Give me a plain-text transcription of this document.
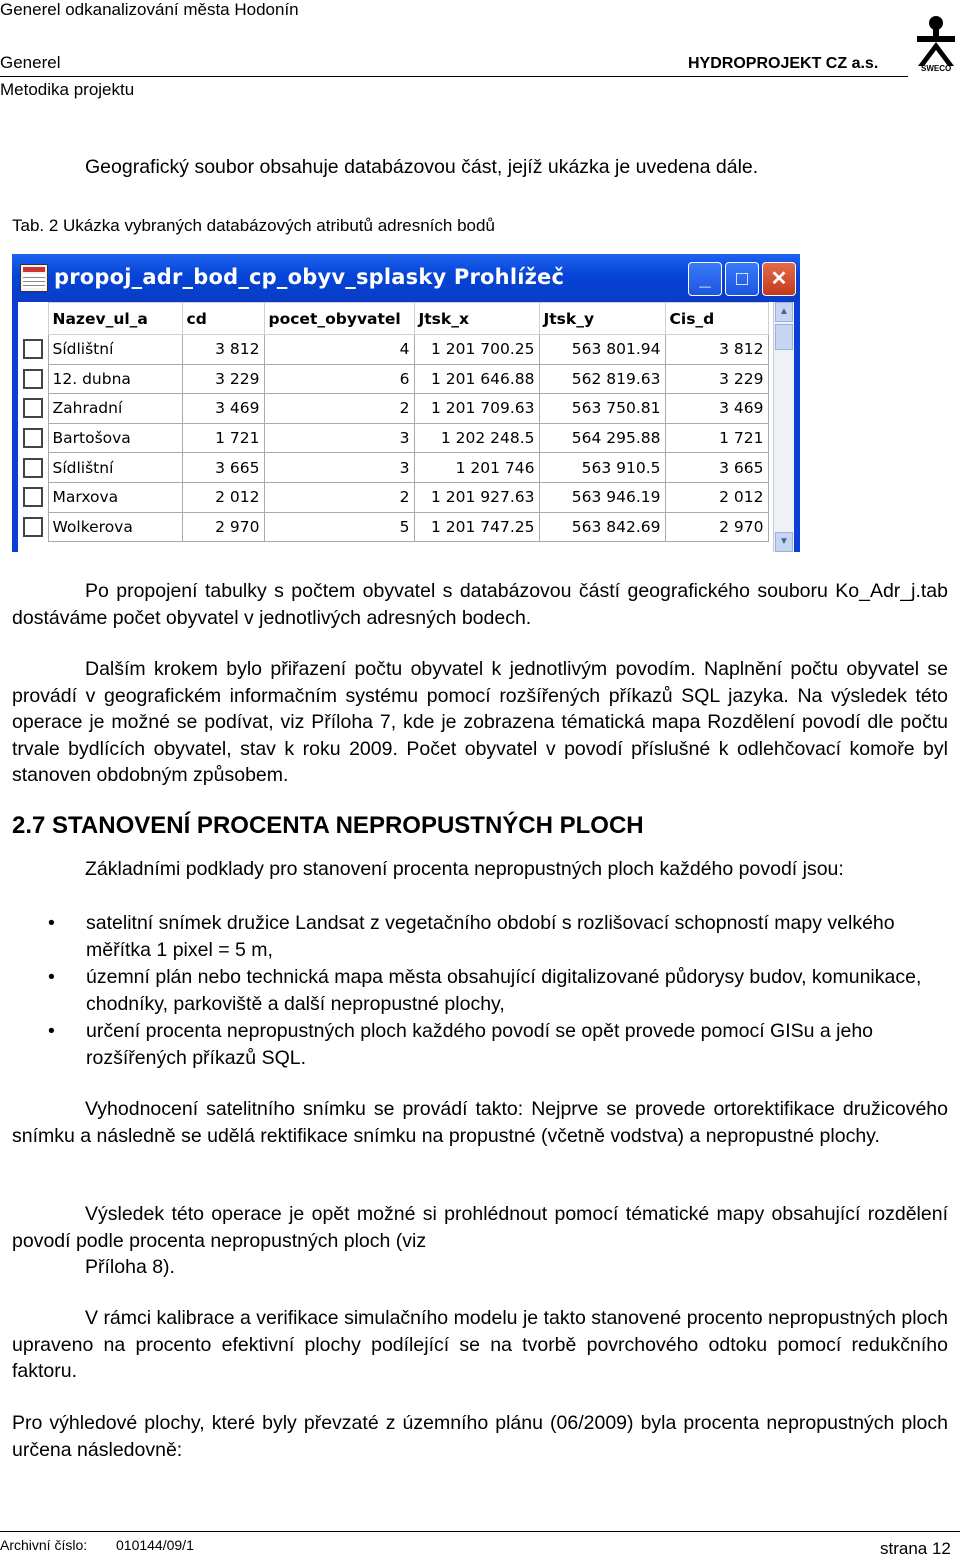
Generel odkanalizování města Hodonín
Generel
Metodika projektu
HYDROPROJEKT CZ a.s.	SWECO
Geografický soubor obsahuje databázovou část, jejíž ukázka je uvedena dále.
Tab. 2 Ukázka vybraných databázových atributů adresních bodů
propoj_adr_bod_cp_obyv_splasky Prohlížeč	_	□	✕
	Nazev_ul_a	cd	pocet_obyvatel	Jtsk_x	Jtsk_y	Cis_d
	Sídlištní	3 812	4	1 201 700.25	563 801.94	3 812
	12. dubna	3 229	6	1 201 646.88	562 819.63	3 229
	Zahradní	3 469	2	1 201 709.63	563 750.81	3 469
	Bartošova	1 721	3	1 202 248.5	564 295.88	1 721
	Sídlištní	3 665	3	1 201 746	563 910.5	3 665
	Marxova	2 012	2	1 201 927.63	563 946.19	2 012
	Wolkerova	2 970	5	1 201 747.25	563 842.69	2 970
▲
▼
Po propojení tabulky s počtem obyvatel s databázovou částí geografického souboru Ko_Adr_j.tab dostáváme počet obyvatel v jednotlivých adresných bodech.
Dalším krokem bylo přiřazení počtu obyvatel k jednotlivým povodím. Naplnění počtu obyvatel se provádí v geografickém informačním systému pomocí rozšířených příkazů SQL jazyka. Na výsledek této operace je možné se podívat, viz Příloha 7, kde je zobrazena tématická mapa Rozdělení povodí dle počtu trvale bydlících obyvatel, stav k roku 2009. Počet obyvatel v povodí příslušné k odlehčovací komoře byl stanoven obdobným způsobem.
2.7 STANOVENÍ PROCENTA NEPROPUSTNÝCH PLOCH
Základními podklady pro stanovení procenta nepropustných ploch každého povodí jsou:
• satelitní snímek družice Landsat z vegetačního období s rozlišovací schopností mapy velkého měřítka 1 pixel = 5 m,
• územní plán nebo technická mapa města obsahující digitalizované půdorysy budov, komunikace, chodníky, parkoviště a další nepropustné plochy,
• určení procenta nepropustných ploch každého povodí se opět provede pomocí GISu a jeho rozšířených příkazů SQL.
Vyhodnocení satelitního snímku se provádí takto: Nejprve se provede ortorektifikace družicového snímku a následně se udělá rektifikace snímku na propustné (včetně vodstva) a nepropustné plochy.
Výsledek této operace je opět možné si prohlédnout pomocí tématické mapy obsahující rozdělení povodí podle procenta nepropustných ploch (viz
Příloha 8).
V rámci kalibrace a verifikace simulačního modelu je takto stanovené procento nepropustných ploch upraveno na procento efektivní plochy podílející se na tvorbě povrchového odtoku pomocí redukčního faktoru.
Pro výhledové plochy, které byly převzaté z územního plánu (06/2009) byla procenta nepropustných ploch určena následovně:
Archivní číslo: 010144/09/1	strana 12
